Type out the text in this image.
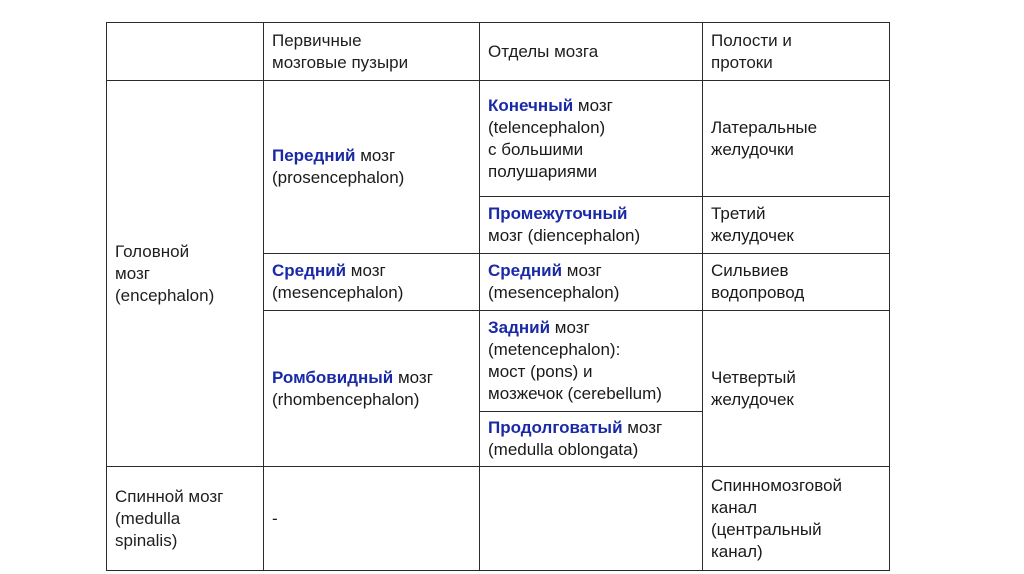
	Первичные
мозговые пузыри	Отделы мозга	Полости и
протоки

Головной
мозг
(encephalon)	Передний мозг
(prosencephalon)	Конечный мозг
(telencephalon)
с большими
полушариями	Латеральные
желудочки

		Промежуточный
мозг (diencephalon)	Третий
желудочек

	Средний мозг
(mesencephalon)	Средний мозг
(mesencephalon)	Сильвиев
водопровод

	Ромбовидный мозг
(rhombencephalon)	Задний мозг
(metencephalon):
мост (pons) и
мозжечок (cerebellum)	Четвертый
желудочек

		Продолговатый мозг
(medulla oblongata)	

Спинной мозг
(medulla
spinalis)	-		Спинномозговой
канал
(центральный
канал)
